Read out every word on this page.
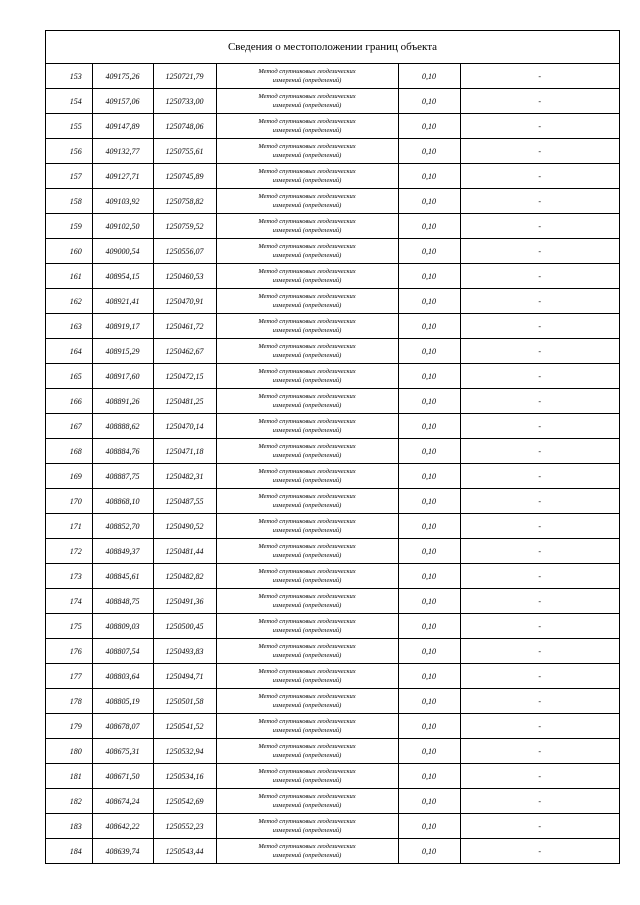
Сведения о местоположении границ объекта
153	409175,26	1250721,79	Метод спутниковых геодезических
измерений (определений)	0,10	-
154	409157,06	1250733,00	Метод спутниковых геодезических
измерений (определений)	0,10	-
155	409147,89	1250748,06	Метод спутниковых геодезических
измерений (определений)	0,10	-
156	409132,77	1250755,61	Метод спутниковых геодезических
измерений (определений)	0,10	-
157	409127,71	1250745,89	Метод спутниковых геодезических
измерений (определений)	0,10	-
158	409103,92	1250758,82	Метод спутниковых геодезических
измерений (определений)	0,10	-
159	409102,50	1250759,52	Метод спутниковых геодезических
измерений (определений)	0,10	-
160	409000,54	1250556,07	Метод спутниковых геодезических
измерений (определений)	0,10	-
161	408954,15	1250460,53	Метод спутниковых геодезических
измерений (определений)	0,10	-
162	408921,41	1250470,91	Метод спутниковых геодезических
измерений (определений)	0,10	-
163	408919,17	1250461,72	Метод спутниковых геодезических
измерений (определений)	0,10	-
164	408915,29	1250462,67	Метод спутниковых геодезических
измерений (определений)	0,10	-
165	408917,60	1250472,15	Метод спутниковых геодезических
измерений (определений)	0,10	-
166	408891,26	1250481,25	Метод спутниковых геодезических
измерений (определений)	0,10	-
167	408888,62	1250470,14	Метод спутниковых геодезических
измерений (определений)	0,10	-
168	408884,76	1250471,18	Метод спутниковых геодезических
измерений (определений)	0,10	-
169	408887,75	1250482,31	Метод спутниковых геодезических
измерений (определений)	0,10	-
170	408868,10	1250487,55	Метод спутниковых геодезических
измерений (определений)	0,10	-
171	408852,70	1250490,52	Метод спутниковых геодезических
измерений (определений)	0,10	-
172	408849,37	1250481,44	Метод спутниковых геодезических
измерений (определений)	0,10	-
173	408845,61	1250482,82	Метод спутниковых геодезических
измерений (определений)	0,10	-
174	408848,75	1250491,36	Метод спутниковых геодезических
измерений (определений)	0,10	-
175	408809,03	1250500,45	Метод спутниковых геодезических
измерений (определений)	0,10	-
176	408807,54	1250493,83	Метод спутниковых геодезических
измерений (определений)	0,10	-
177	408803,64	1250494,71	Метод спутниковых геодезических
измерений (определений)	0,10	-
178	408805,19	1250501,58	Метод спутниковых геодезических
измерений (определений)	0,10	-
179	408678,07	1250541,52	Метод спутниковых геодезических
измерений (определений)	0,10	-
180	408675,31	1250532,94	Метод спутниковых геодезических
измерений (определений)	0,10	-
181	408671,50	1250534,16	Метод спутниковых геодезических
измерений (определений)	0,10	-
182	408674,24	1250542,69	Метод спутниковых геодезических
измерений (определений)	0,10	-
183	408642,22	1250552,23	Метод спутниковых геодезических
измерений (определений)	0,10	-
184	408639,74	1250543,44	Метод спутниковых геодезических
измерений (определений)	0,10	-
